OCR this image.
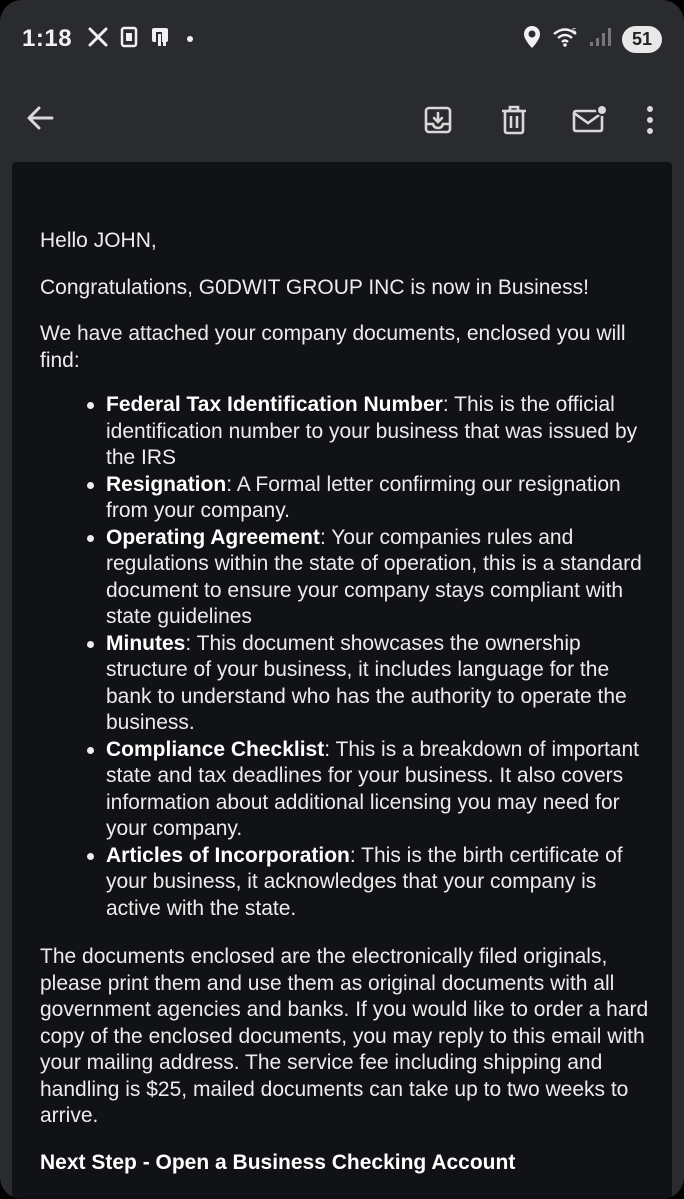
1:18	5	51

Hello JOHN,

Congratulations, G0DWIT GROUP INC is now in Business!

We have attached your company documents, enclosed you will find:

Federal Tax Identification Number: This is the official identification number to your business that was issued by the IRS
Resignation: A Formal letter confirming our resignation from your company.
Operating Agreement: Your companies rules and regulations within the state of operation, this is a standard document to ensure your company stays compliant with state guidelines
Minutes: This document showcases the ownership structure of your business, it includes language for the bank to understand who has the authority to operate the business.
Compliance Checklist: This is a breakdown of important state and tax deadlines for your business. It also covers information about additional licensing you may need for your company.
Articles of Incorporation: This is the birth certificate of your business, it acknowledges that your company is active with the state.

The documents enclosed are the electronically filed originals, please print them and use them as original documents with all government agencies and banks. If you would like to order a hard copy of the enclosed documents, you may reply to this email with your mailing address. The service fee including shipping and handling is $25, mailed documents can take up to two weeks to arrive.

Next Step - Open a Business Checking Account
